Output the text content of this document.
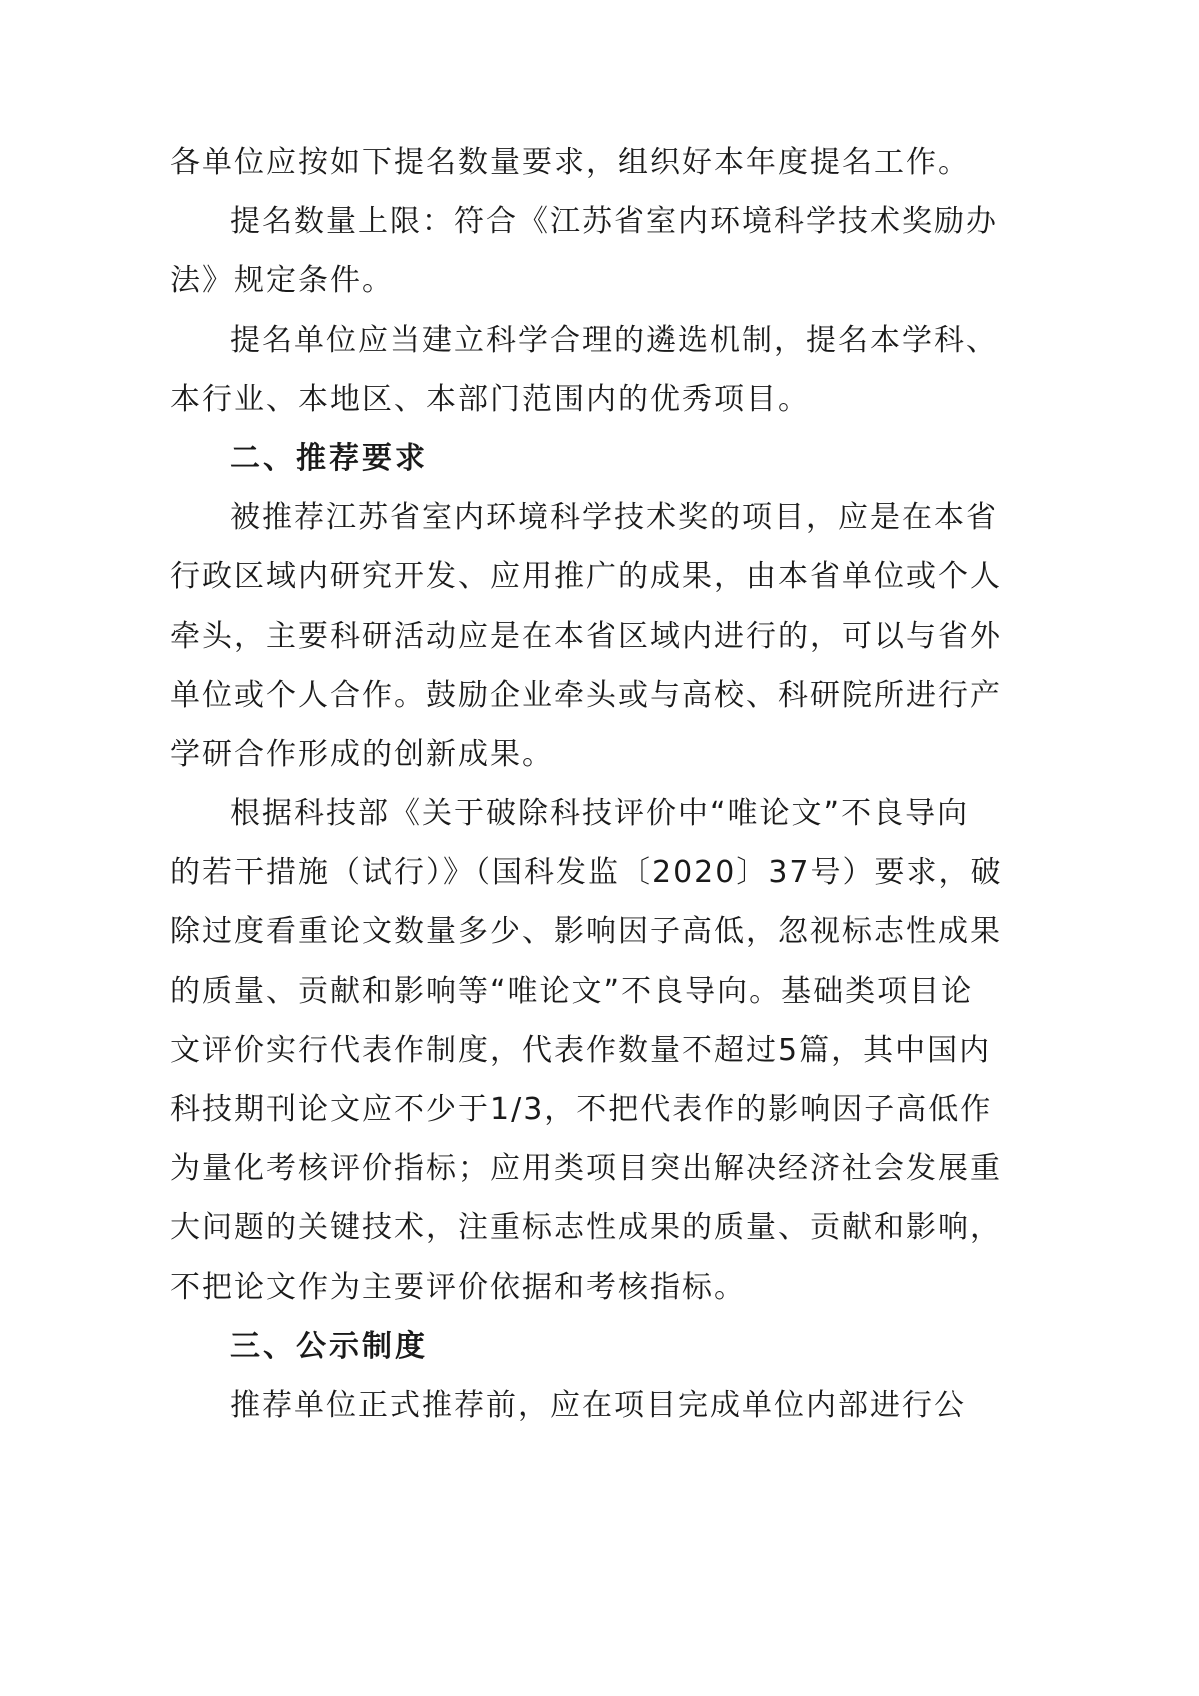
各单位应按如下提名数量要求，组织好本年度提名工作。
提名数量上限：符合《江苏省室内环境科学技术奖励办
法》规定条件。
提名单位应当建立科学合理的遴选机制，提名本学科、
本行业、本地区、本部门范围内的优秀项目。
二、推荐要求
被推荐江苏省室内环境科学技术奖的项目，应是在本省
行政区域内研究开发、应用推广的成果，由本省单位或个人
牵头，主要科研活动应是在本省区域内进行的，可以与省外
单位或个人合作。鼓励企业牵头或与高校、科研院所进行产
学研合作形成的创新成果。
根据科技部《关于破除科技评价中“唯论文”不良导向
的若干措施（试行）》（国科发监〔2020〕37号）要求，破
除过度看重论文数量多少、影响因子高低，忽视标志性成果
的质量、贡献和影响等“唯论文”不良导向。基础类项目论
文评价实行代表作制度，代表作数量不超过5篇，其中国内
科技期刊论文应不少于1/3，不把代表作的影响因子高低作
为量化考核评价指标；应用类项目突出解决经济社会发展重
大问题的关键技术，注重标志性成果的质量、贡献和影响，
不把论文作为主要评价依据和考核指标。
三、公示制度
推荐单位正式推荐前，应在项目完成单位内部进行公
